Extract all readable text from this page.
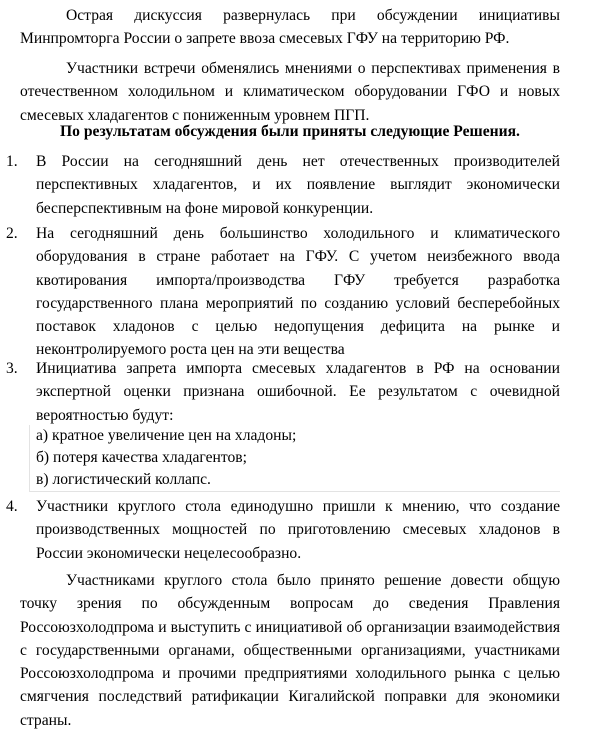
Острая дискуссия развернулась при обсуждении инициативы Минпромторга России о запрете ввоза смесевых ГФУ на территорию РФ.

Участники встречи обменялись мнениями о перспективах применения в отечественном холодильном и климатическом оборудовании ГФО и новых смесевых хладагентов с пониженным уровнем ПГП.

По результатам обсуждения были приняты следующие Решения.

1.	В России на сегодняшний день нет отечественных производителей перспективных хладагентов, и их появление выглядит экономически бесперспективным на фоне мировой конкуренции.

2.	На сегодняшний день большинство холодильного и климатического оборудования в стране работает на ГФУ. С учетом неизбежного ввода квотирования импорта/производства ГФУ требуется разработка государственного плана мероприятий по созданию условий бесперебойных поставок хладонов с целью недопущения дефицита на рынке и неконтролируемого роста цен на эти вещества

3.	Инициатива запрета импорта смесевых хладагентов в РФ на основании экспертной оценки признана ошибочной. Ее результатом с очевидной вероятностью будут:

а) кратное увеличение цен на хладоны;

б) потеря качества хладагентов;

в) логистический коллапс.

4.	Участники круглого стола единодушно пришли к мнению, что создание производственных мощностей по приготовлению смесевых хладонов в России экономически нецелесообразно.

Участниками круглого стола было принято решение довести общую точку зрения по обсужденным вопросам до сведения Правления Россоюзхолодпрома и выступить с инициативой об организации взаимодействия с государственными органами, общественными организациями, участниками Россоюзхолодпрома и прочими предприятиями холодильного рынка с целью смягчения последствий ратификации Кигалийской поправки для экономики страны.
